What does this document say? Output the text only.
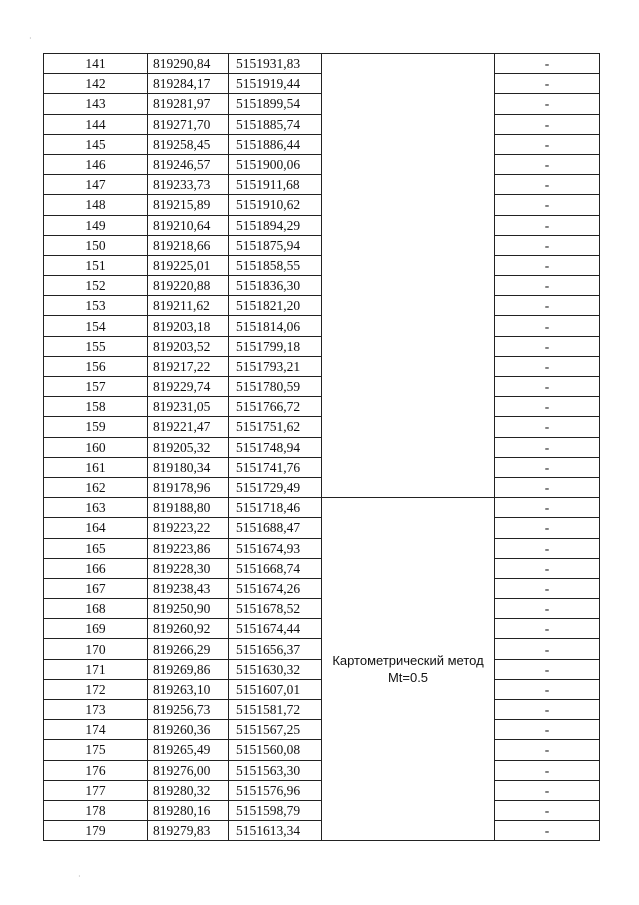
141	819290,84	5151931,83		-
142	819284,17	5151919,44		-
143	819281,97	5151899,54		-
144	819271,70	5151885,74		-
145	819258,45	5151886,44		-
146	819246,57	5151900,06		-
147	819233,73	5151911,68		-
148	819215,89	5151910,62		-
149	819210,64	5151894,29		-
150	819218,66	5151875,94		-
151	819225,01	5151858,55		-
152	819220,88	5151836,30		-
153	819211,62	5151821,20		-
154	819203,18	5151814,06		-
155	819203,52	5151799,18		-
156	819217,22	5151793,21		-
157	819229,74	5151780,59		-
158	819231,05	5151766,72		-
159	819221,47	5151751,62		-
160	819205,32	5151748,94		-
161	819180,34	5151741,76		-
162	819178,96	5151729,49		-
163	819188,80	5151718,46	Картометрический метод Mt=0.5	-
164	819223,22	5151688,47		-
165	819223,86	5151674,93		-
166	819228,30	5151668,74		-
167	819238,43	5151674,26		-
168	819250,90	5151678,52		-
169	819260,92	5151674,44		-
170	819266,29	5151656,37		-
171	819269,86	5151630,32		-
172	819263,10	5151607,01		-
173	819256,73	5151581,72		-
174	819260,36	5151567,25		-
175	819265,49	5151560,08		-
176	819276,00	5151563,30		-
177	819280,32	5151576,96		-
178	819280,16	5151598,79		-
179	819279,83	5151613,34		-
·
·
